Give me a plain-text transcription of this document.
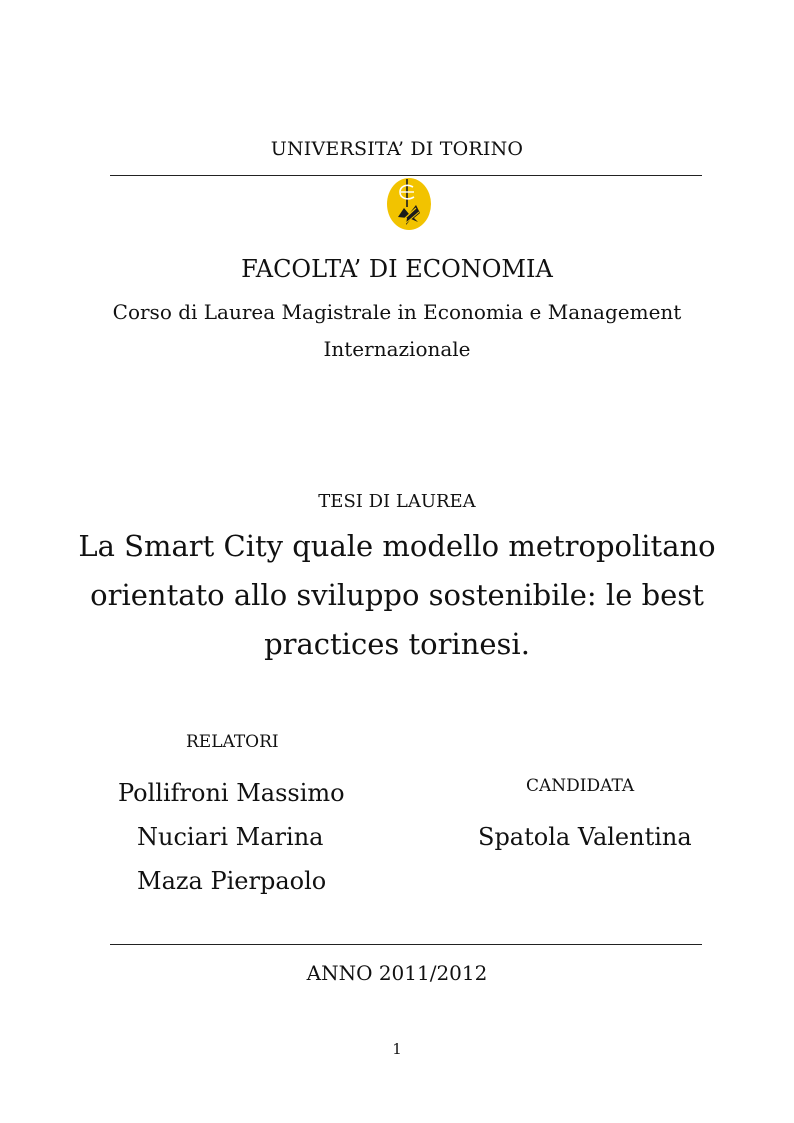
UNIVERSITA’ DI TORINO
FACOLTA’ DI ECONOMIA
Corso di Laurea Magistrale in Economia e Management
Internazionale
TESI DI LAUREA
La Smart City quale modello metropolitano
orientato allo sviluppo sostenibile: le best
practices torinesi.
RELATORI
Pollifroni Massimo
Nuciari Marina
Maza Pierpaolo
CANDIDATA
Spatola Valentina
ANNO 2011/2012
1
